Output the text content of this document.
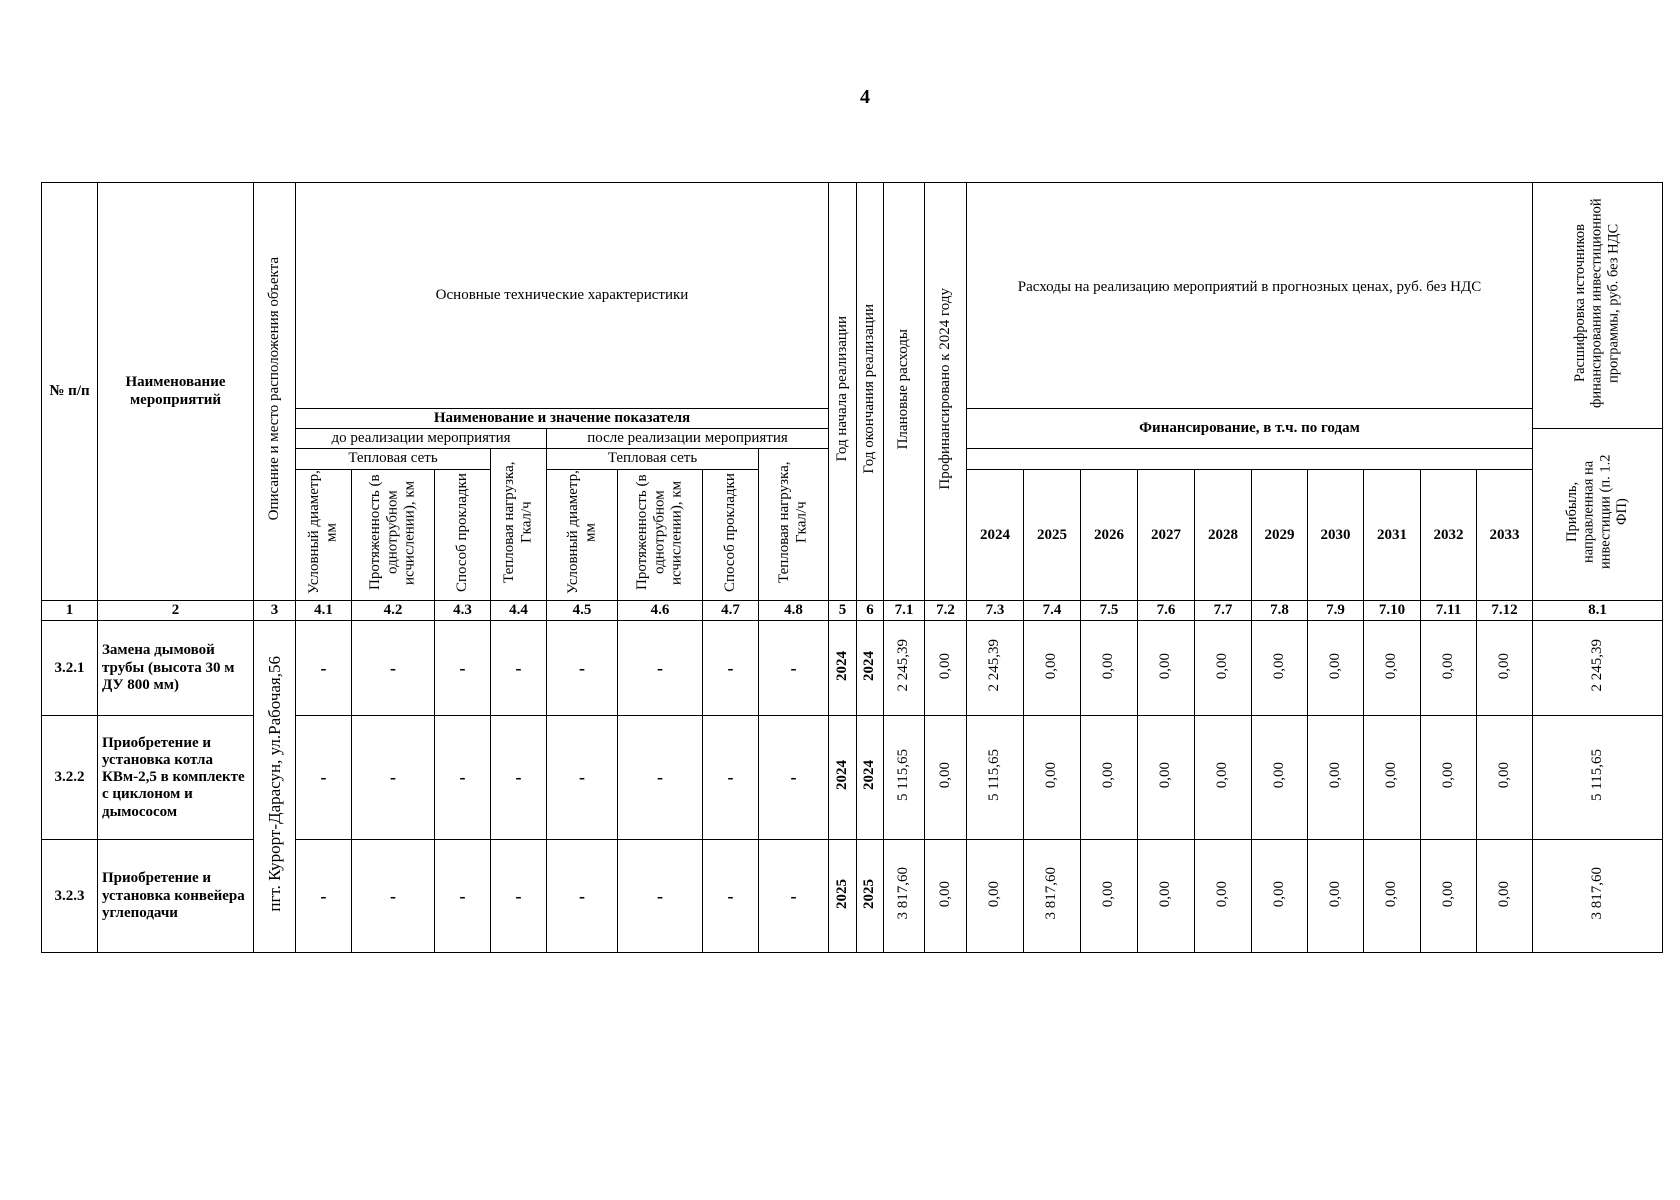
4
№ п/п	Наименование мероприятий	Описание и место расположения объекта	Основные технические характеристики								Год начала реализации	Год окончания реализации	Плановые расходы	Профинансировано к 2024 году	Расходы на реализацию мероприятий в прогнозных ценах, руб. без НДС										Расшифровка источников финансирования инвестиционной программы, руб. без НДС
			Наименование и значение показателя												Финансирование, в т.ч. по годам										
			до реализации мероприятия				после реализации мероприятия																		Прибыль, направленная на инвестиции (п. 1.2 ФП)
			Тепловая сеть			Тепловая нагрузка, Гкал/ч	Тепловая сеть			Тепловая нагрузка, Гкал/ч															
			Условный диаметр, мм	Протяженность (в однотрубном исчислении), км	Способ прокладки		Условный диаметр, мм	Протяженность (в однотрубном исчислении), км	Способ прокладки						2024	2025	2026	2027	2028	2029	2030	2031	2032	2033	
1	2	3	4.1	4.2	4.3	4.4	4.5	4.6	4.7	4.8	5	6	7.1	7.2	7.3	7.4	7.5	7.6	7.7	7.8	7.9	7.10	7.11	7.12	8.1
3.2.1	Замена дымовой трубы (высота 30 м ДУ 800 мм)	пгт. Курорт-Дарасун, ул.Рабочая,56	-	-	-	-	-	-	-	-	2024	2024	2 245,39	0,00	2 245,39	0,00	0,00	0,00	0,00	0,00	0,00	0,00	0,00	0,00	2 245,39
3.2.2	Приобретение и установка котла КВм-2,5 в комплекте с циклоном и дымососом		-	-	-	-	-	-	-	-	2024	2024	5 115,65	0,00	5 115,65	0,00	0,00	0,00	0,00	0,00	0,00	0,00	0,00	0,00	5 115,65
3.2.3	Приобретение и установка конвейера углеподачи		-	-	-	-	-	-	-	-	2025	2025	3 817,60	0,00	0,00	3 817,60	0,00	0,00	0,00	0,00	0,00	0,00	0,00	0,00	3 817,60
